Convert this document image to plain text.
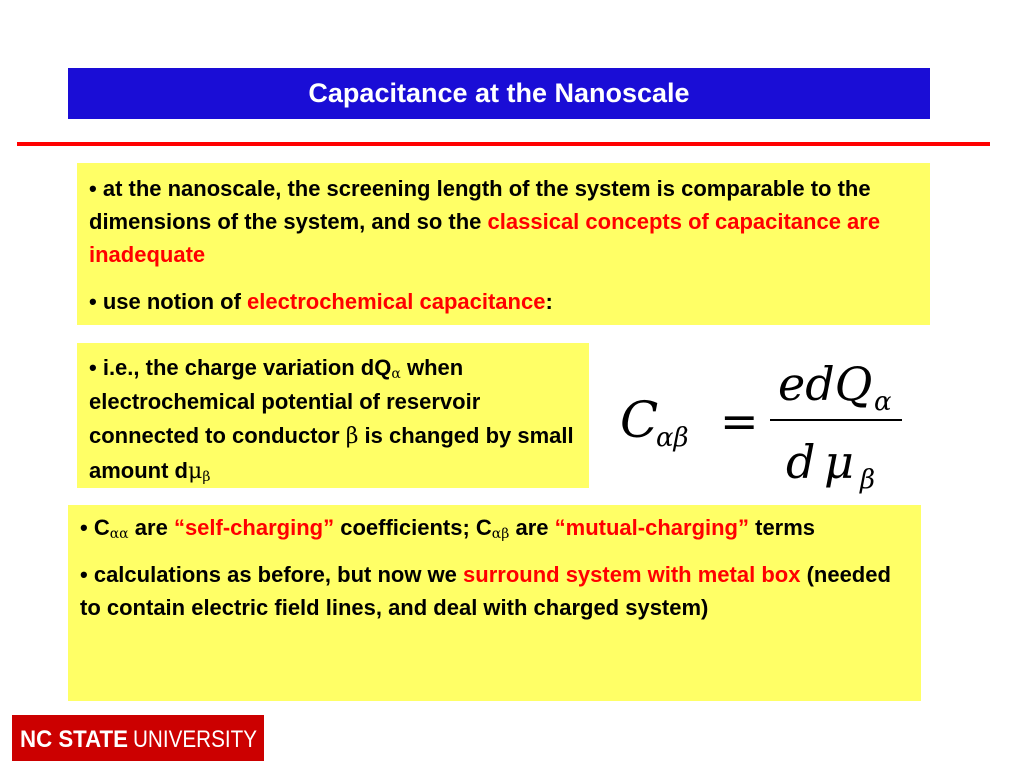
Capacitance at the Nanoscale

• at the nanoscale, the screening length of the system is comparable to the dimensions of the system, and so the classical concepts of capacitance are inadequate

• use notion of electrochemical capacitance:

• i.e., the charge variation $dQ_\alpha$ when electrochemical potential of reservoir connected to conductor β is changed by small amount $d\mu_\beta$

C
αβ =
edQ α
d μ β

• $C_{\alpha\alpha}$ are “self-charging” coefficients; $C_{\alpha\beta}$ are “mutual-charging” terms

• calculations as before, but now we surround system with metal box (needed to contain electric field lines, and deal with charged system)

NC STATE UNIVERSITY
